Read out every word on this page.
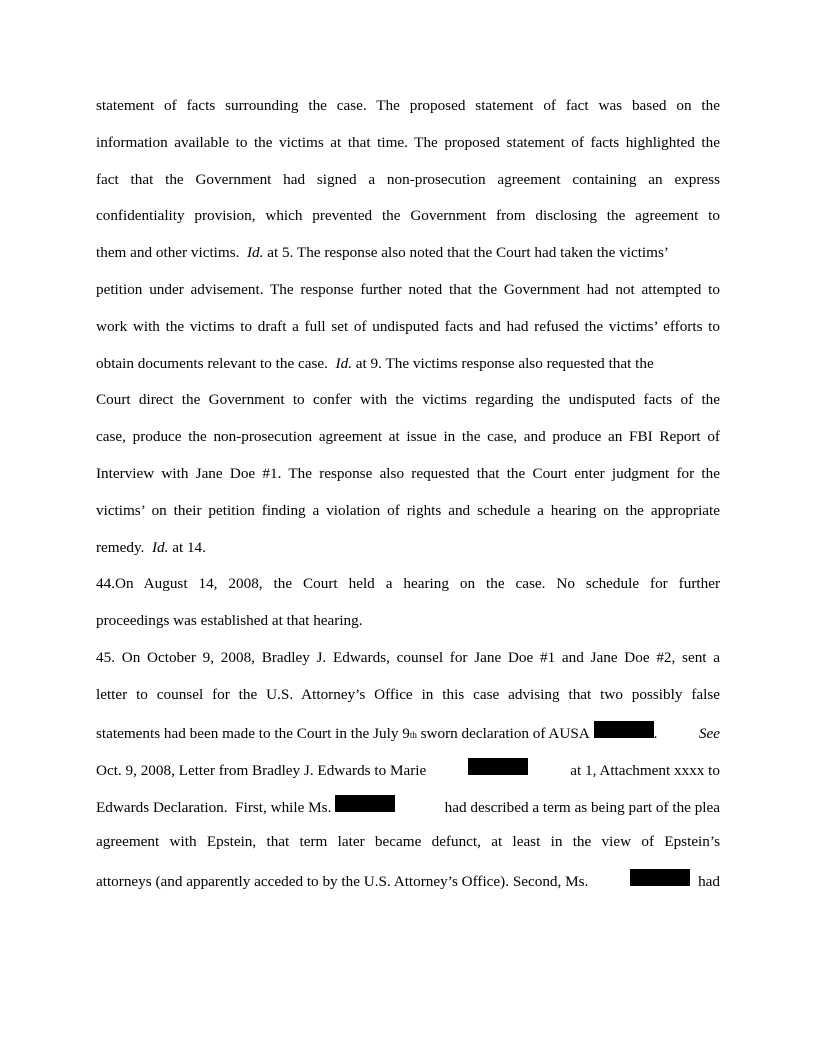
statement of facts surrounding the case. The proposed statement of fact was based on the
information available to the victims at that time. The proposed statement of facts highlighted the
fact that the Government had signed a non-prosecution agreement containing an express
confidentiality provision, which prevented the Government from disclosing the agreement to
them and other victims. Id. at 5. The response also noted that the Court had taken the victims’
petition under advisement. The response further noted that the Government had not attempted to
work with the victims to draft a full set of undisputed facts and had refused the victims’ efforts to
obtain documents relevant to the case. Id. at 9. The victims response also requested that the
Court direct the Government to confer with the victims regarding the undisputed facts of the
case, produce the non-prosecution agreement at issue in the case, and produce an FBI Report of
Interview with Jane Doe #1. The response also requested that the Court enter judgment for the
victims’ on their petition finding a violation of rights and schedule a hearing on the appropriate
remedy. Id. at 14.
44.On August 14, 2008, the Court held a hearing on the case. No schedule for further
proceedings was established at that hearing.
45. On October 9, 2008, Bradley J. Edwards, counsel for Jane Doe #1 and Jane Doe #2, sent a
letter to counsel for the U.S. Attorney’s Office in this case advising that two possibly false
statements had been made to the Court in the July 9 th
sworn declaration of AUSA
	.	See
Oct. 9, 2008, Letter from Bradley J. Edwards to Marie	at 1, Attachment xxxx to
Edwards Declaration.
First, while Ms.
	had described a term as being part of the plea
agreement with Epstein, that term later became defunct, at least in the view of Epstein’s
attorneys (and apparently acceded to by the U.S. Attorney’s Office). Second, Ms.
	had
